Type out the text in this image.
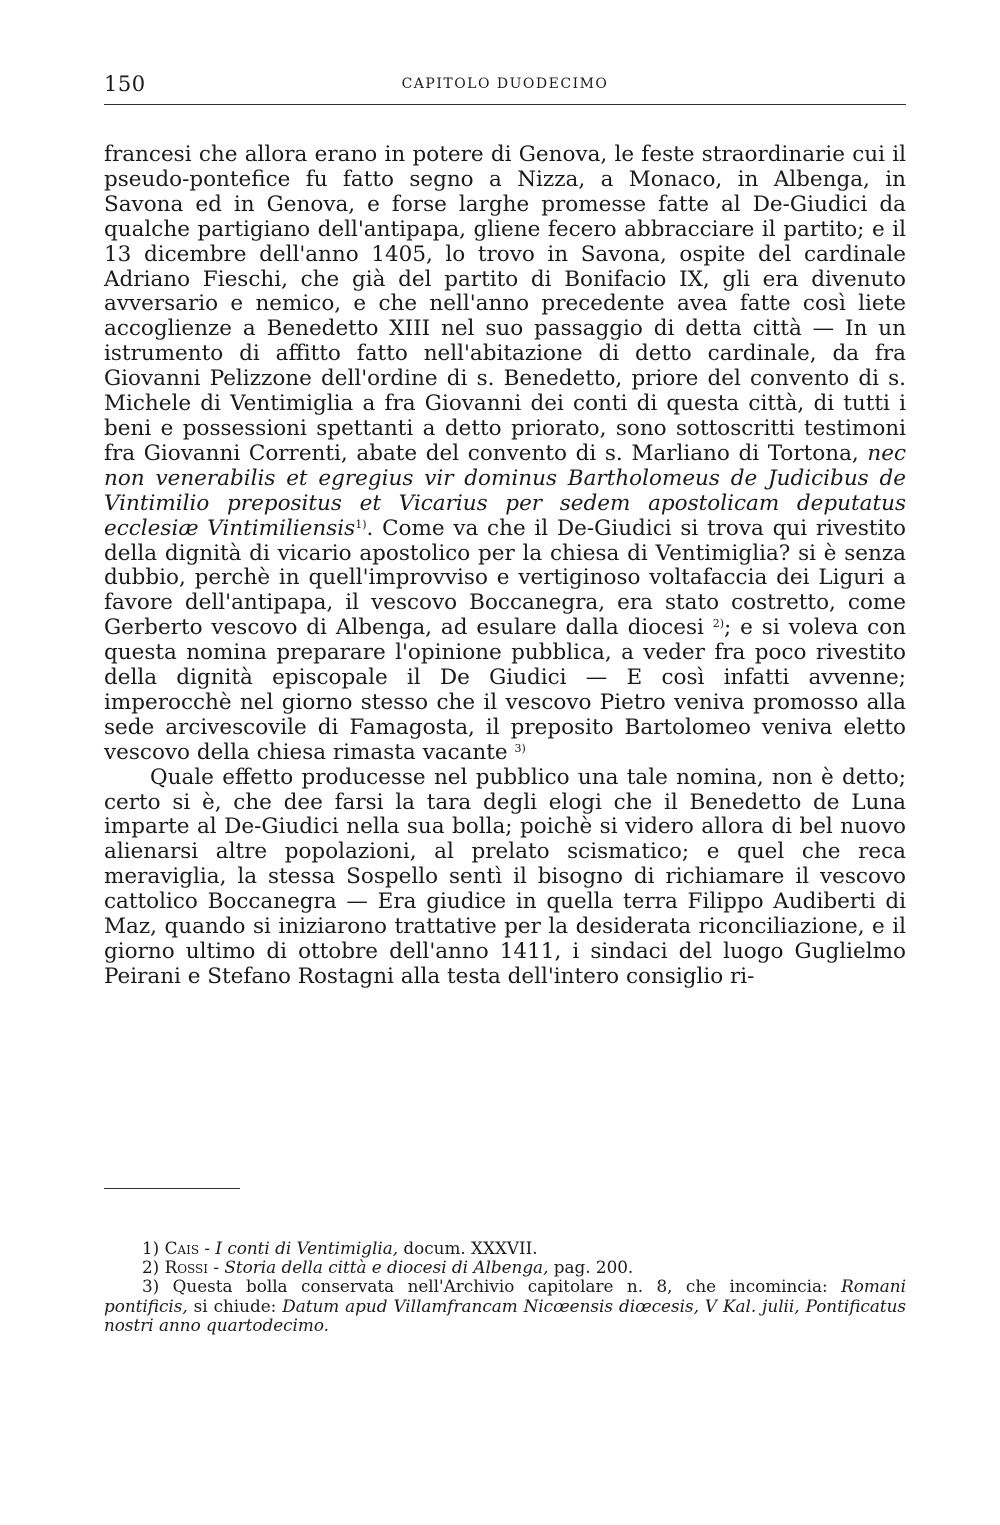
150	CAPITOLO DUODECIMO

francesi che allora erano in potere di Genova, le feste straordinarie cui il pseudo-pontefice fu fatto segno a Nizza, a Monaco, in Albenga, in Savona ed in Genova, e forse larghe promesse fatte al De-Giudici da qualche partigiano dell'antipapa, gliene fecero abbracciare il partito; e il 13 dicembre dell'anno 1405, lo trovo in Savona, ospite del cardinale Adriano Fieschi, che già del partito di Bonifacio IX, gli era divenuto avversario e nemico, e che nell'anno precedente avea fatte così liete accoglienze a Benedetto XIII nel suo passaggio di detta città — In un istrumento di affitto fatto nell'abitazione di detto cardinale, da fra Giovanni Pelizzone dell'ordine di s. Benedetto, priore del convento di s. Michele di Ventimiglia a fra Giovanni dei conti di questa città, di tutti i beni e possessioni spettanti a detto priorato, sono sottoscritti testimoni fra Giovanni Correnti, abate del convento di s. Marliano di Tortona, nec non venerabilis et egregius vir dominus Bartholomeus de Judicibus de Vintimilio prepositus et Vicarius per sedem apostolicam deputatus ecclesiæ Vintimiliensis$^{1)}$. Come va che il De-Giudici si trova qui rivestito della dignità di vicario apostolico per la chiesa di Ventimiglia? si è senza dubbio, perchè in quell'improvviso e vertiginoso voltafaccia dei Liguri a favore dell'antipapa, il vescovo Boccanegra, era stato costretto, come Gerberto vescovo di Albenga, ad esulare dalla diocesi $^{2)}$; e si voleva con questa nomina preparare l'opinione pubblica, a veder fra poco rivestito della dignità episcopale il De Giudici — E così infatti avvenne; imperocchè nel giorno stesso che il vescovo Pietro veniva promosso alla sede arcivescovile di Famagosta, il preposito Bartolomeo veniva eletto vescovo della chiesa rimasta vacante $^{3)}$

Quale effetto producesse nel pubblico una tale nomina, non è detto; certo si è, che dee farsi la tara degli elogi che il Benedetto de Luna imparte al De-Giudici nella sua bolla; poichè si videro allora di bel nuovo alienarsi altre popolazioni, al prelato scismatico; e quel che reca meraviglia, la stessa Sospello sentì il bisogno di richiamare il vescovo cattolico Boccanegra — Era giudice in quella terra Filippo Audiberti di Maz, quando si iniziarono trattative per la desiderata riconciliazione, e il giorno ultimo di ottobre dell'anno 1411, i sindaci del luogo Guglielmo Peirani e Stefano Rostagni alla testa dell'intero consiglio ri-

1) Cais - I conti di Ventimiglia, docum. XXXVII.

2) Rossi - Storia della città e diocesi di Albenga, pag. 200.

3) Questa bolla conservata nell'Archivio capitolare n. 8, che incomincia: Romani pontificis, si chiude: Datum apud Villamfrancam Nicœensis diœcesis, V Kal. julii, Pontificatus nostri anno quartodecimo.
